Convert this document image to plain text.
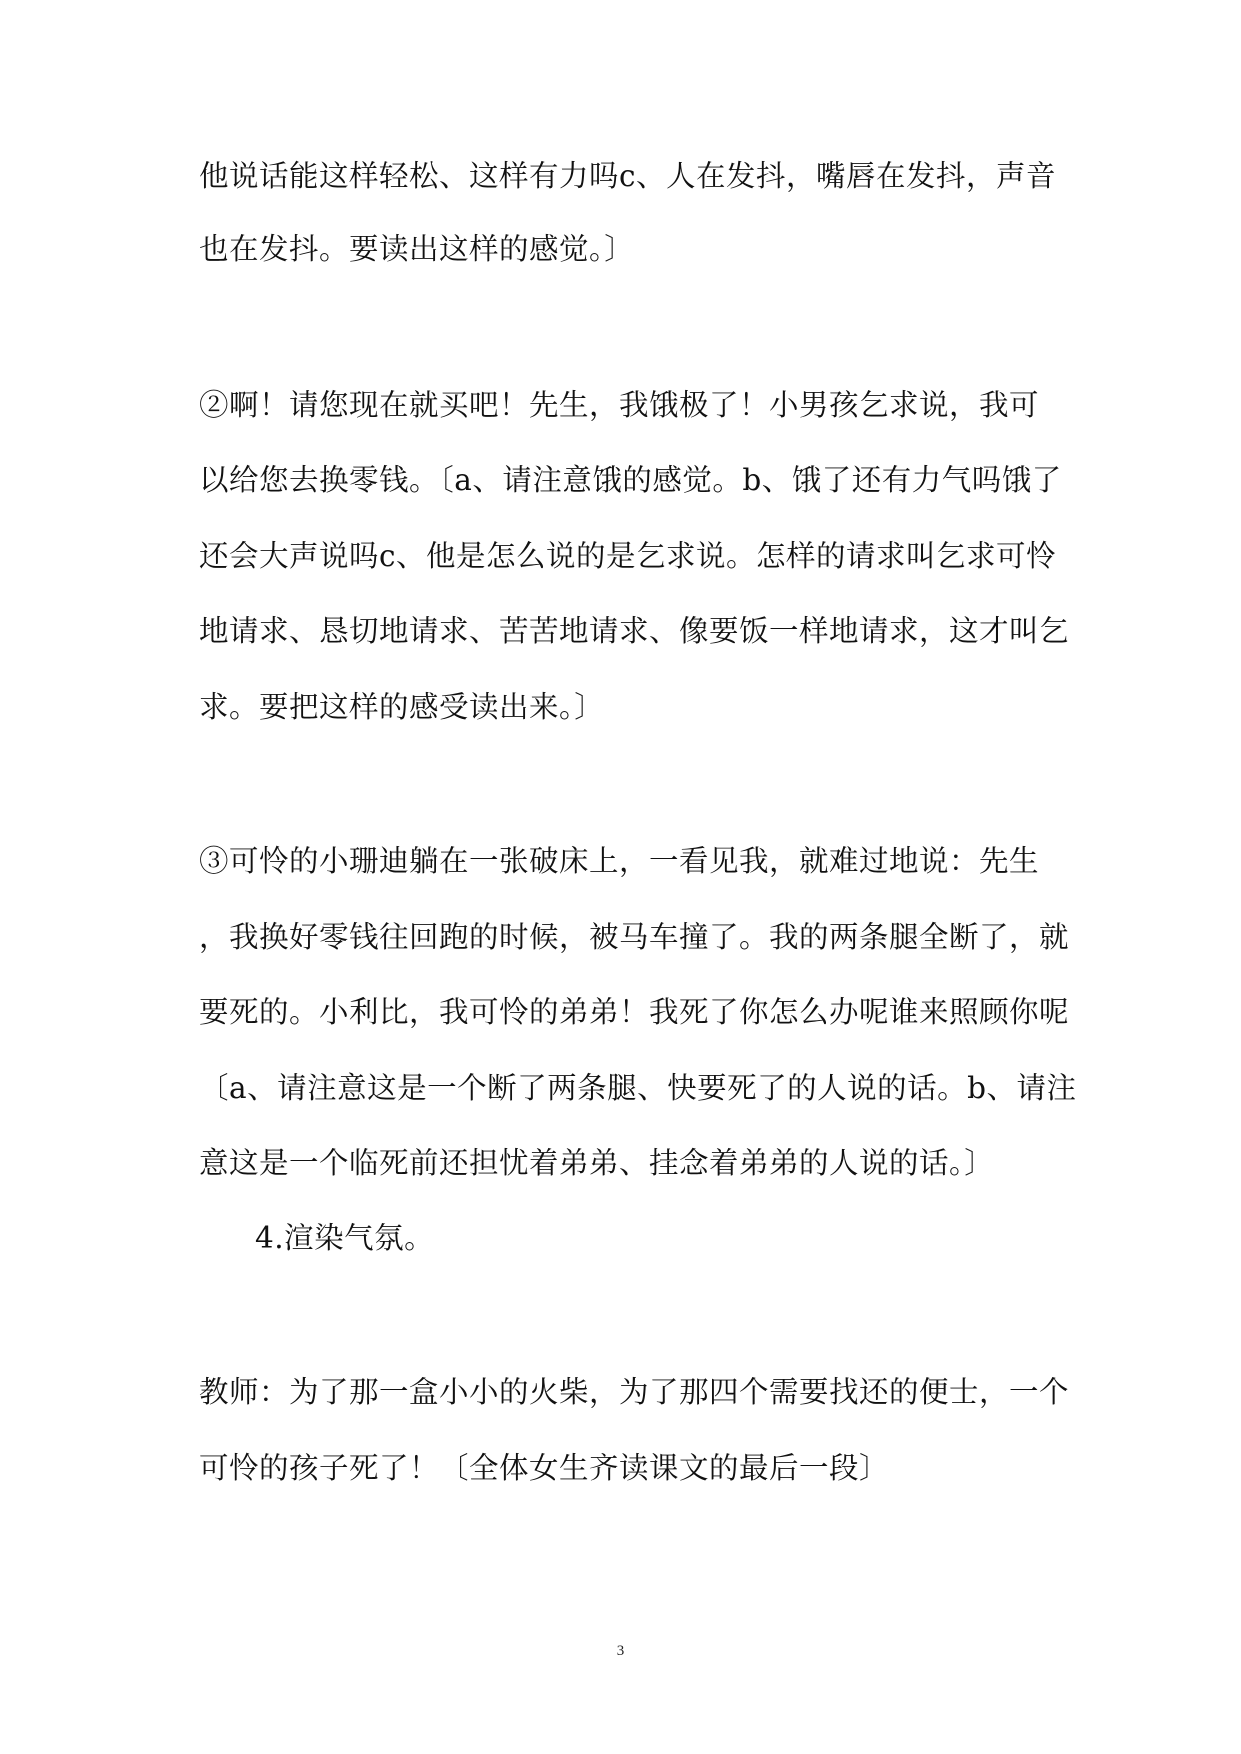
他说话能这样轻松、这样有力吗c、人在发抖，嘴唇在发抖，声音
也在发抖。要读出这样的感觉。〕
②啊！请您现在就买吧！先生，我饿极了！小男孩乞求说，我可
以给您去换零钱。〔a、请注意饿的感觉。b、饿了还有力气吗饿了
还会大声说吗c、他是怎么说的是乞求说。怎样的请求叫乞求可怜
地请求、恳切地请求、苦苦地请求、像要饭一样地请求，这才叫乞
求。要把这样的感受读出来。〕
③可怜的小珊迪躺在一张破床上，一看见我，就难过地说：先生
，我换好零钱往回跑的时候，被马车撞了。我的两条腿全断了，就
要死的。小利比，我可怜的弟弟！我死了你怎么办呢谁来照顾你呢
〔a、请注意这是一个断了两条腿、快要死了的人说的话。b、请注
意这是一个临死前还担忧着弟弟、挂念着弟弟的人说的话。〕
4.渲染气氛。
教师：为了那一盒小小的火柴，为了那四个需要找还的便士，一个
可怜的孩子死了！〔全体女生齐读课文的最后一段〕
3
